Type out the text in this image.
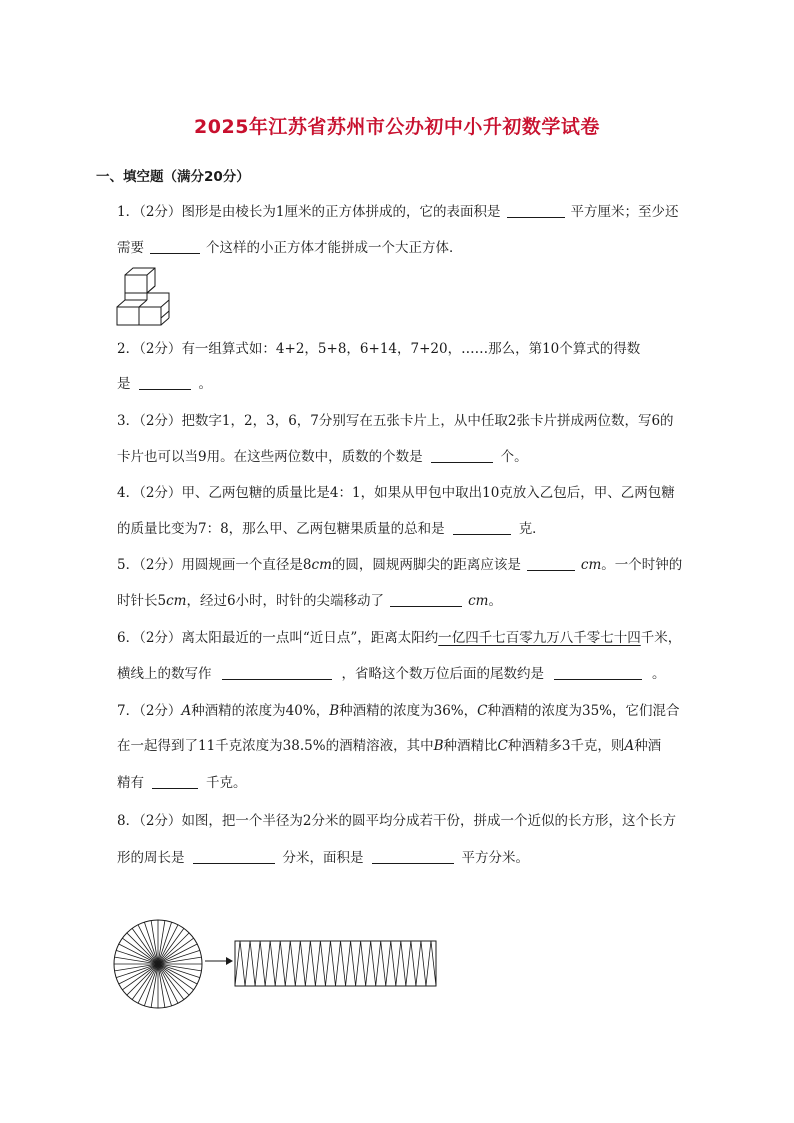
2025年江苏省苏州市公办初中小升初数学试卷
一、填空题（满分20分）
1．（2分）图形是由棱长为1厘米的正方体拼成的，它的表面积是	平方厘米；至少还
需要	个这样的小正方体才能拼成一个大正方体．
2．（2分）有一组算式如：4+2，5+8，6+14，7+20，……那么，第10个算式的得数
是	。
3．（2分）把数字1，2，3，6，7分别写在五张卡片上，从中任取2张卡片拼成两位数，写6的
卡片也可以当9用。在这些两位数中，质数的个数是	个。
4．（2分）甲、乙两包糖的质量比是4：1，如果从甲包中取出10克放入乙包后，甲、乙两包糖
的质量比变为7：8，那么甲、乙两包糖果质量的总和是	克．
5．（2分）用圆规画一个直径是8cm的圆，圆规两脚尖的距离应该是	cm。一个时钟的
时针长5cm，经过6小时，时针的尖端移动了	cm。
6．（2分）离太阳最近的一点叫“近日点”，距离太阳约一亿四千七百零九万八千零七十四千米，
横线上的数写作	，省略这个数万位后面的尾数约是	。
7．（2分）A种酒精的浓度为40%，B种酒精的浓度为36%，C种酒精的浓度为35%，它们混合
在一起得到了11千克浓度为38.5%的酒精溶液，其中B种酒精比C种酒精多3千克，则A种酒
精有	千克。
8．（2分）如图，把一个半径为2分米的圆平均分成若干份，拼成一个近似的长方形，这个长方
形的周长是	分米，面积是	平方分米。
